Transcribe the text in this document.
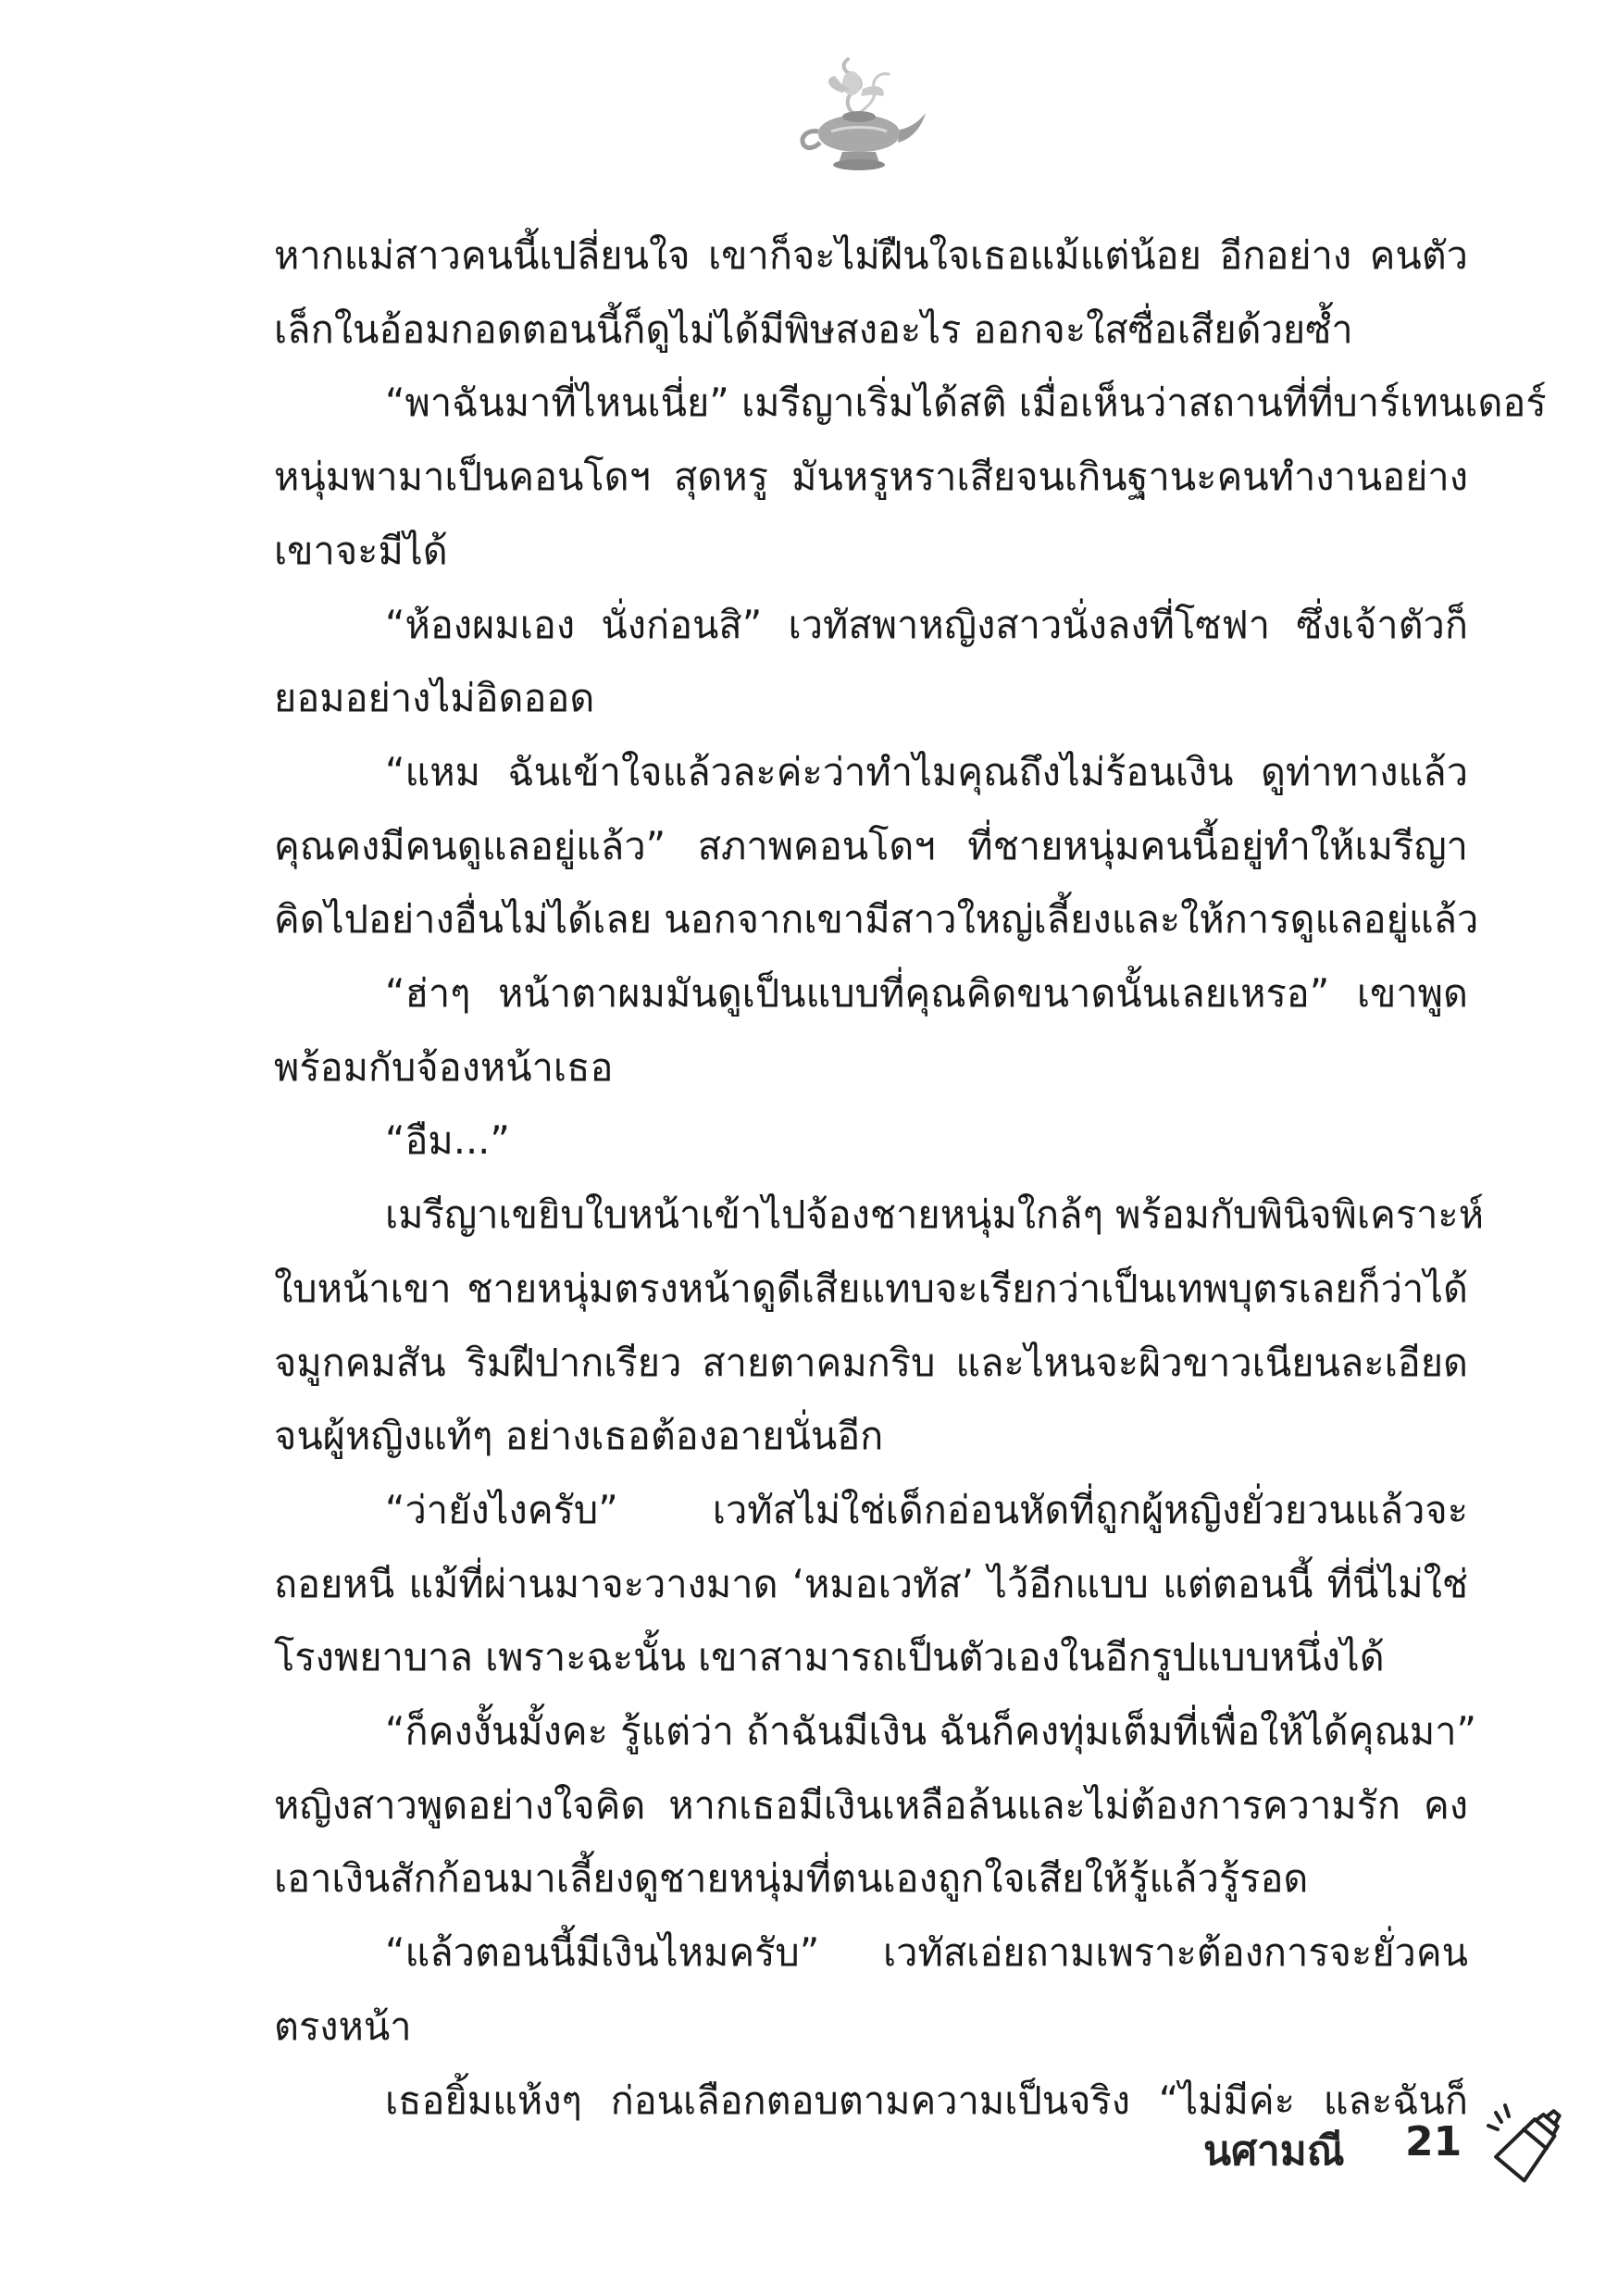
หากแม่สาวคนนี้เปลี่ยนใจ เขาก็จะไม่ฝืนใจเธอแม้แต่น้อย อีกอย่าง คนตัว
เล็กในอ้อมกอดตอนนี้ก็ดูไม่ได้มีพิษสงอะไร ออกจะใสซื่อเสียด้วยซ้ำ
“พาฉันมาที่ไหนเนี่ย” เมรีญาเริ่มได้สติ เมื่อเห็นว่าสถานที่ที่บาร์เทนเดอร์
หนุ่มพามาเป็นคอนโดฯ สุดหรู มันหรูหราเสียจนเกินฐานะคนทำงานอย่าง
เขาจะมีได้
“ห้องผมเอง นั่งก่อนสิ” เวทัสพาหญิงสาวนั่งลงที่โซฟา ซึ่งเจ้าตัวก็
ยอมอย่างไม่อิดออด
“แหม ฉันเข้าใจแล้วละค่ะว่าทำไมคุณถึงไม่ร้อนเงิน ดูท่าทางแล้ว
คุณคงมีคนดูแลอยู่แล้ว” สภาพคอนโดฯ ที่ชายหนุ่มคนนี้อยู่ทำให้เมรีญา
คิดไปอย่างอื่นไม่ได้เลย นอกจากเขามีสาวใหญ่เลี้ยงและให้การดูแลอยู่แล้ว
“ฮ่าๆ หน้าตาผมมันดูเป็นแบบที่คุณคิดขนาดนั้นเลยเหรอ” เขาพูด
พร้อมกับจ้องหน้าเธอ
“อืม...”
เมรีญาเขยิบใบหน้าเข้าไปจ้องชายหนุ่มใกล้ๆ พร้อมกับพินิจพิเคราะห์
ใบหน้าเขา ชายหนุ่มตรงหน้าดูดีเสียแทบจะเรียกว่าเป็นเทพบุตรเลยก็ว่าได้
จมูกคมสัน ริมฝีปากเรียว สายตาคมกริบ และไหนจะผิวขาวเนียนละเอียด
จนผู้หญิงแท้ๆ อย่างเธอต้องอายนั่นอีก
“ว่ายังไงครับ” เวทัสไม่ใช่เด็กอ่อนหัดที่ถูกผู้หญิงยั่วยวนแล้วจะ
ถอยหนี แม้ที่ผ่านมาจะวางมาด ‘หมอเวทัส’ ไว้อีกแบบ แต่ตอนนี้ ที่นี่ไม่ใช่
โรงพยาบาล เพราะฉะนั้น เขาสามารถเป็นตัวเองในอีกรูปแบบหนึ่งได้
“ก็คงงั้นมั้งคะ รู้แต่ว่า ถ้าฉันมีเงิน ฉันก็คงทุ่มเต็มที่เพื่อให้ได้คุณมา”
หญิงสาวพูดอย่างใจคิด หากเธอมีเงินเหลือล้นและไม่ต้องการความรัก คง
เอาเงินสักก้อนมาเลี้ยงดูชายหนุ่มที่ตนเองถูกใจเสียให้รู้แล้วรู้รอด
“แล้วตอนนี้มีเงินไหมครับ” เวทัสเอ่ยถามเพราะต้องการจะยั่วคน
ตรงหน้า
เธอยิ้มแห้งๆ ก่อนเลือกตอบตามความเป็นจริง “ไม่มีค่ะ และฉันก็
นศามณี 21
